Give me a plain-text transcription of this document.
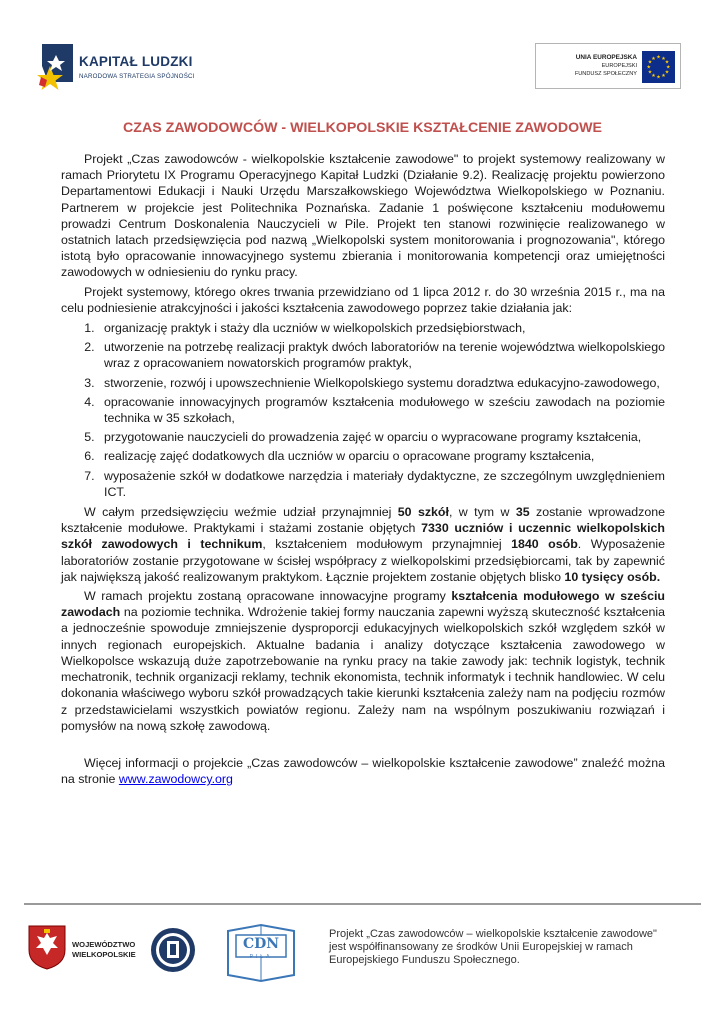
KAPITAŁ LUDZKI
NARODOWA STRATEGIA SPÓJNOŚCI
UNIA EUROPEJSKA
EUROPEJSKI
FUNDUSZ SPOŁECZNY
★ ★
★
★
★
★
★
★
★
★
★
★
CZAS ZAWODOWCÓW - WIELKOPOLSKIE KSZTAŁCENIE ZAWODOWE

Projekt „Czas zawodowców - wielkopolskie kształcenie zawodowe" to projekt systemowy realizowany w ramach Priorytetu IX Programu Operacyjnego Kapitał Ludzki (Działanie 9.2). Realizację projektu powierzono Departamentowi Edukacji i Nauki Urzędu Marszałkowskiego Województwa Wielkopolskiego w Poznaniu. Partnerem w projekcie jest Politechnika Poznańska. Zadanie 1 poświęcone kształceniu modułowemu prowadzi Centrum Doskonalenia Nauczycieli w Pile. Projekt ten stanowi rozwinięcie realizowanego w ostatnich latach przedsięwzięcia pod nazwą „Wielkopolski system monitorowania i prognozowania", którego istotą było opracowanie innowacyjnego systemu zbierania i monitorowania kompetencji oraz umiejętności zawodowych w odniesieniu do rynku pracy.

Projekt systemowy, którego okres trwania przewidziano od 1 lipca 2012 r. do 30 września 2015 r., ma na celu podniesienie atrakcyjności i jakości kształcenia zawodowego poprzez takie działania jak:

1. organizację praktyk i staży dla uczniów w wielkopolskich przedsiębiorstwach,
2. utworzenie na potrzebę realizacji praktyk dwóch laboratoriów na terenie województwa wielkopolskiego wraz z opracowaniem nowatorskich programów praktyk,
3. stworzenie, rozwój i upowszechnienie Wielkopolskiego systemu doradztwa edukacyjno-zawodowego,
4. opracowanie innowacyjnych programów kształcenia modułowego w sześciu zawodach na poziomie technika w 35 szkołach,
5. przygotowanie nauczycieli do prowadzenia zajęć w oparciu o wypracowane programy kształcenia,
6. realizację zajęć dodatkowych dla uczniów w oparciu o opracowane programy kształcenia,
7. wyposażenie szkół w dodatkowe narzędzia i materiały dydaktyczne, ze szczególnym uwzględnieniem ICT.

W całym przedsięwzięciu weźmie udział przynajmniej 50 szkół, w tym w 35 zostanie wprowadzone kształcenie modułowe. Praktykami i stażami zostanie objętych 7330 uczniów i uczennic wielkopolskich szkół zawodowych i technikum, kształceniem modułowym przynajmniej 1840 osób. Wyposażenie laboratoriów zostanie przygotowane w ścisłej współpracy z wielkopolskimi przedsiębiorcami, tak by zapewnić jak największą jakość realizowanym praktykom. Łącznie projektem zostanie objętych blisko 10 tysięcy osób.

W ramach projektu zostaną opracowane innowacyjne programy kształcenia modułowego w sześciu zawodach na poziomie technika. Wdrożenie takiej formy nauczania zapewni wyższą skuteczność kształcenia a jednocześnie spowoduje zmniejszenie dysproporcji edukacyjnych wielkopolskich szkół względem szkół w innych regionach europejskich. Aktualne badania i analizy dotyczące kształcenia zawodowego w Wielkopolsce wskazują duże zapotrzebowanie na rynku pracy na takie zawody jak: technik logistyk, technik mechatronik, technik organizacji reklamy, technik ekonomista, technik informatyk i technik handlowiec. W celu dokonania właściwego wyboru szkół prowadzących takie kierunki kształcenia zależy nam na podjęciu rozmów z przedstawicielami wszystkich powiatów regionu. Zależy nam na wspólnym poszukiwaniu rozwiązań i pomysłów na nową szkołę zawodową.

Więcej informacji o projekcie „Czas zawodowców – wielkopolskie kształcenie zawodowe” znaleźć można na stronie www.zawodowcy.org

WOJEWÓDZTWO
WIELKOPOLSKIE
CDN
PIŁA
Projekt „Czas zawodowców – wielkopolskie kształcenie zawodowe" jest współfinansowany ze środków Unii Europejskiej w ramach Europejskiego Funduszu Społecznego.
